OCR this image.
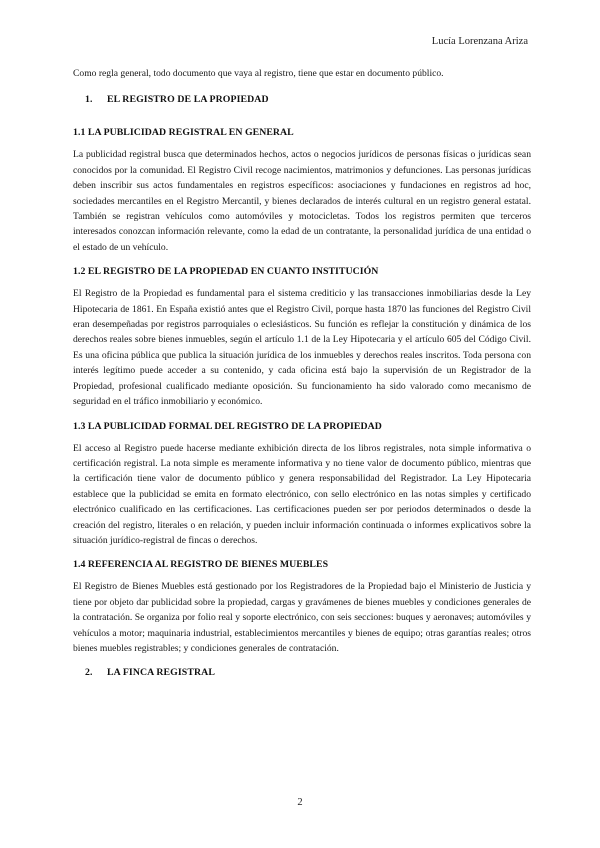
Lucía Lorenzana Ariza

Como regla general, todo documento que vaya al registro, tiene que estar en documento público.

1. EL REGISTRO DE LA PROPIEDAD
1.1 LA PUBLICIDAD REGISTRAL EN GENERAL

La publicidad registral busca que determinados hechos, actos o negocios jurídicos de personas físicas o jurídicas sean conocidos por la comunidad. El Registro Civil recoge nacimientos, matrimonios y defunciones. Las personas jurídicas deben inscribir sus actos fundamentales en registros específicos: asociaciones y fundaciones en registros ad hoc, sociedades mercantiles en el Registro Mercantil, y bienes declarados de interés cultural en un registro general estatal. También se registran vehículos como automóviles y motocicletas. Todos los registros permiten que terceros interesados conozcan información relevante, como la edad de un contratante, la personalidad jurídica de una entidad o el estado de un vehículo.

1.2 EL REGISTRO DE LA PROPIEDAD EN CUANTO INSTITUCIÓN

El Registro de la Propiedad es fundamental para el sistema crediticio y las transacciones inmobiliarias desde la Ley Hipotecaria de 1861. En España existió antes que el Registro Civil, porque hasta 1870 las funciones del Registro Civil eran desempeñadas por registros parroquiales o eclesiásticos. Su función es reflejar la constitución y dinámica de los derechos reales sobre bienes inmuebles, según el artículo 1.1 de la Ley Hipotecaria y el artículo 605 del Código Civil. Es una oficina pública que publica la situación jurídica de los inmuebles y derechos reales inscritos. Toda persona con interés legítimo puede acceder a su contenido, y cada oficina está bajo la supervisión de un Registrador de la Propiedad, profesional cualificado mediante oposición. Su funcionamiento ha sido valorado como mecanismo de seguridad en el tráfico inmobiliario y económico.

1.3 LA PUBLICIDAD FORMAL DEL REGISTRO DE LA PROPIEDAD

El acceso al Registro puede hacerse mediante exhibición directa de los libros registrales, nota simple informativa o certificación registral. La nota simple es meramente informativa y no tiene valor de documento público, mientras que la certificación tiene valor de documento público y genera responsabilidad del Registrador. La Ley Hipotecaria establece que la publicidad se emita en formato electrónico, con sello electrónico en las notas simples y certificado electrónico cualificado en las certificaciones. Las certificaciones pueden ser por periodos determinados o desde la creación del registro, literales o en relación, y pueden incluir información continuada o informes explicativos sobre la situación jurídico-registral de fincas o derechos.

1.4 REFERENCIA AL REGISTRO DE BIENES MUEBLES

El Registro de Bienes Muebles está gestionado por los Registradores de la Propiedad bajo el Ministerio de Justicia y tiene por objeto dar publicidad sobre la propiedad, cargas y gravámenes de bienes muebles y condiciones generales de la contratación. Se organiza por folio real y soporte electrónico, con seis secciones: buques y aeronaves; automóviles y vehículos a motor; maquinaria industrial, establecimientos mercantiles y bienes de equipo; otras garantías reales; otros bienes muebles registrables; y condiciones generales de contratación.

2. LA FINCA REGISTRAL
2
